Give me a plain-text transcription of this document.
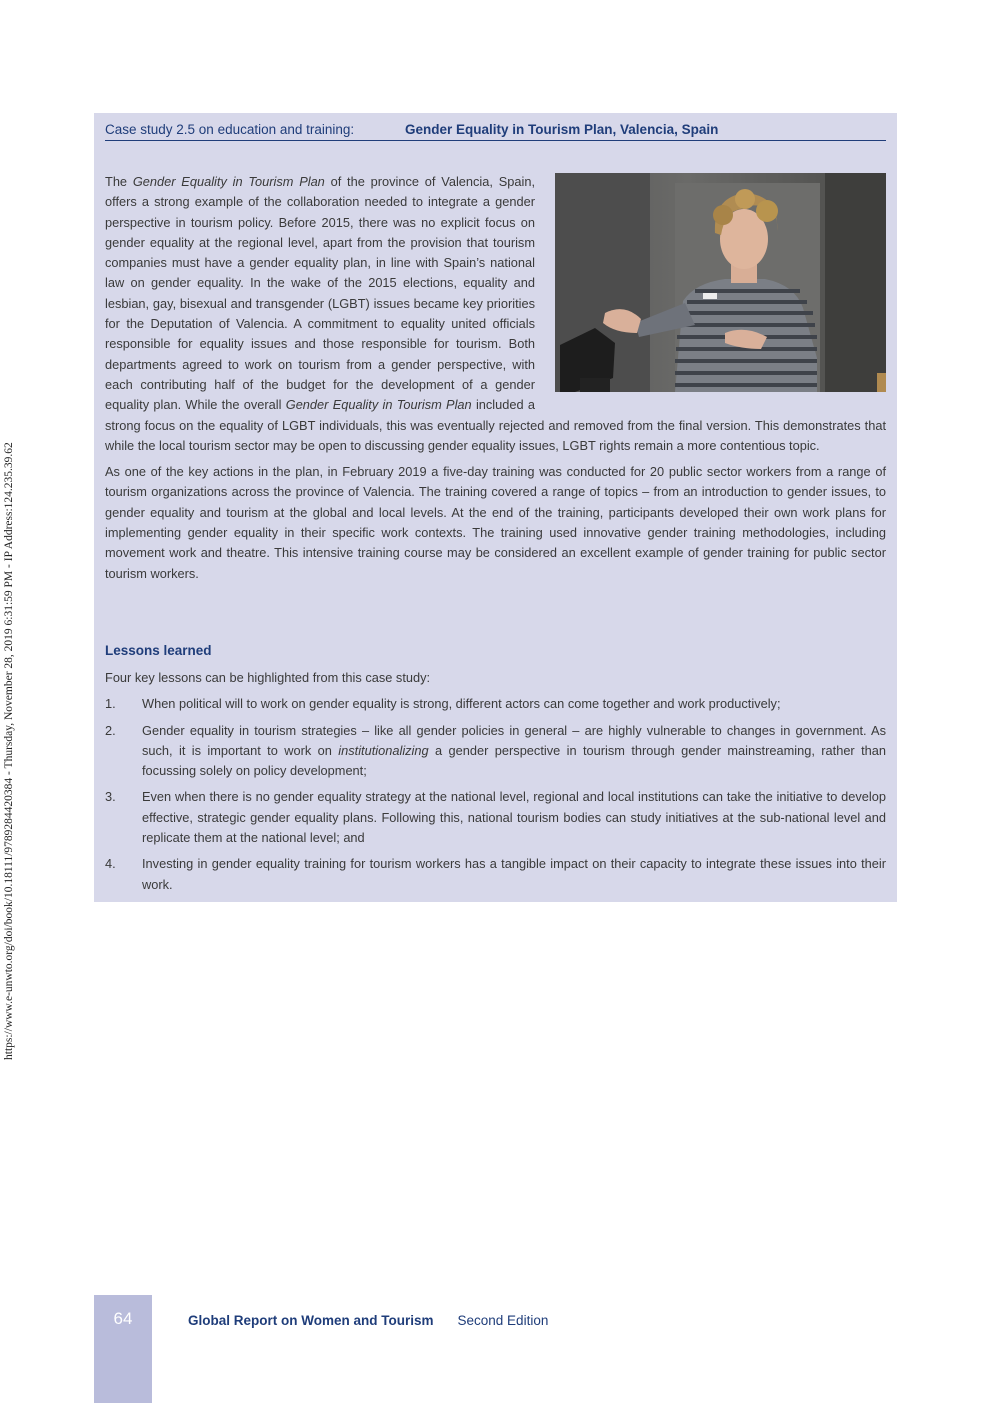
https://www.e-unwto.org/doi/book/10.18111/9789284420384 - Thursday, November 28, 2019 6:31:59 PM - IP Address:124.235.39.62
Case study 2.5 on education and training:	Gender Equality in Tourism Plan, Valencia, Spain

The Gender Equality in Tourism Plan of the province of Valencia, Spain, offers a strong example of the collaboration needed to integrate a gender perspective in tourism policy. Before 2015, there was no explicit focus on gender equality at the regional level, apart from the provision that tourism companies must have a gender equality plan, in line with Spain’s national law on gender equality. In the wake of the 2015 elections, equality and lesbian, gay, bisexual and transgender (LGBT) issues became key priorities for the Deputation of Valencia. A commitment to equality united officials responsible for equality issues and those responsible for tourism. Both departments agreed to work on tourism from a gender perspective, with each contributing half of the budget for the development of a gender equality plan. While the overall Gender Equality in Tourism Plan included a strong focus on the equality of LGBT individuals, this was eventually rejected and removed from the final version. This demonstrates that while the local tourism sector may be open to discussing gender equality issues, LGBT rights remain a more contentious topic.

As one of the key actions in the plan, in February 2019 a five-day training was conducted for 20 public sector workers from a range of tourism organizations across the province of Valencia. The training covered a range of topics – from an introduction to gender issues, to gender equality and tourism at the global and local levels. At the end of the training, participants developed their own work plans for implementing gender equality in their specific work contexts. The training used innovative gender training methodologies, including movement work and theatre. This intensive training course may be considered an excellent example of gender training for public sector tourism workers.

Lessons learned

Four key lessons can be highlighted from this case study:

1. When political will to work on gender equality is strong, different actors can come together and work productively;
2. Gender equality in tourism strategies – like all gender policies in general – are highly vulnerable to changes in government. As such, it is important to work on institutionalizing a gender perspective in tourism through gender mainstreaming, rather than focussing solely on policy development;
3. Even when there is no gender equality strategy at the national level, regional and local institutions can take the initiative to develop effective, strategic gender equality plans. Following this, national tourism bodies can study initiatives at the sub-national level and replicate them at the national level; and
4. Investing in gender equality training for tourism workers has a tangible impact on their capacity to integrate these issues into their work.
64	Global Report on Women and Tourism Second Edition
